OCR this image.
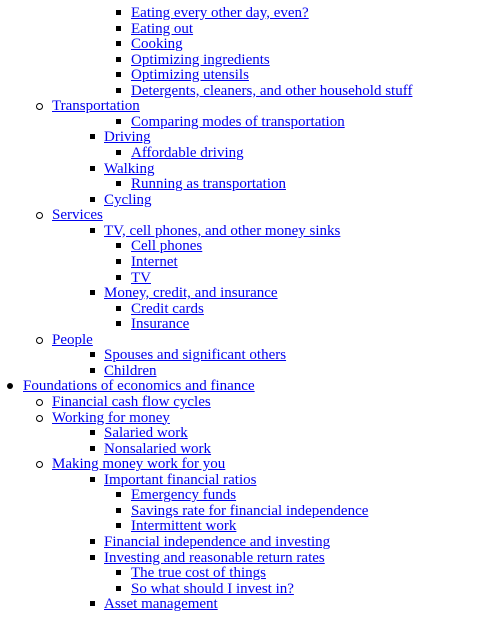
Eating every other day, even?
Eating out
Cooking
Optimizing ingredients
Optimizing utensils
Detergents, cleaners, and other household stuff
Transportation
Comparing modes of transportation
Driving
Affordable driving
Walking
Running as transportation
Cycling
Services
TV, cell phones, and other money sinks
Cell phones
Internet
TV
Money, credit, and insurance
Credit cards
Insurance
People
Spouses and significant others
Children
Foundations of economics and finance
Financial cash flow cycles
Working for money
Salaried work
Nonsalaried work
Making money work for you
Important financial ratios
Emergency funds
Savings rate for financial independence
Intermittent work
Financial independence and investing
Investing and reasonable return rates
The true cost of things
So what should I invest in?
Asset management
